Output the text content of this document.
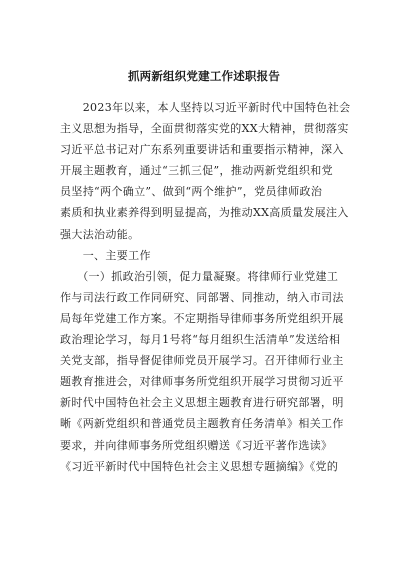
抓两新组织党建工作述职报告
　　2023年以来，本人坚持以习近平新时代中国特色社会
主义思想为指导，全面贯彻落实党的XX大精神，贯彻落实
习近平总书记对广东系列重要讲话和重要指示精神，深入
开展主题教育，通过“三抓三促”，推动两新党组织和党
员坚持“两个确立”、做到“两个维护”，党员律师政治
素质和执业素养得到明显提高，为推动XX高质量发展注入
强大法治动能。
　　一、主要工作
　　（一）抓政治引领，促力量凝聚。将律师行业党建工
作与司法行政工作同研究、同部署、同推动，纳入市司法
局每年党建工作方案。不定期指导律师事务所党组织开展
政治理论学习，每月1号将“每月组织生活清单”发送给相
关党支部，指导督促律师党员开展学习。召开律师行业主
题教育推进会，对律师事务所党组织开展学习贯彻习近平
新时代中国特色社会主义思想主题教育进行研究部署，明
晰《两新党组织和普通党员主题教育任务清单》相关工作
要求，并向律师事务所党组织赠送《习近平著作选读》
《习近平新时代中国特色社会主义思想专题摘编》《党的
